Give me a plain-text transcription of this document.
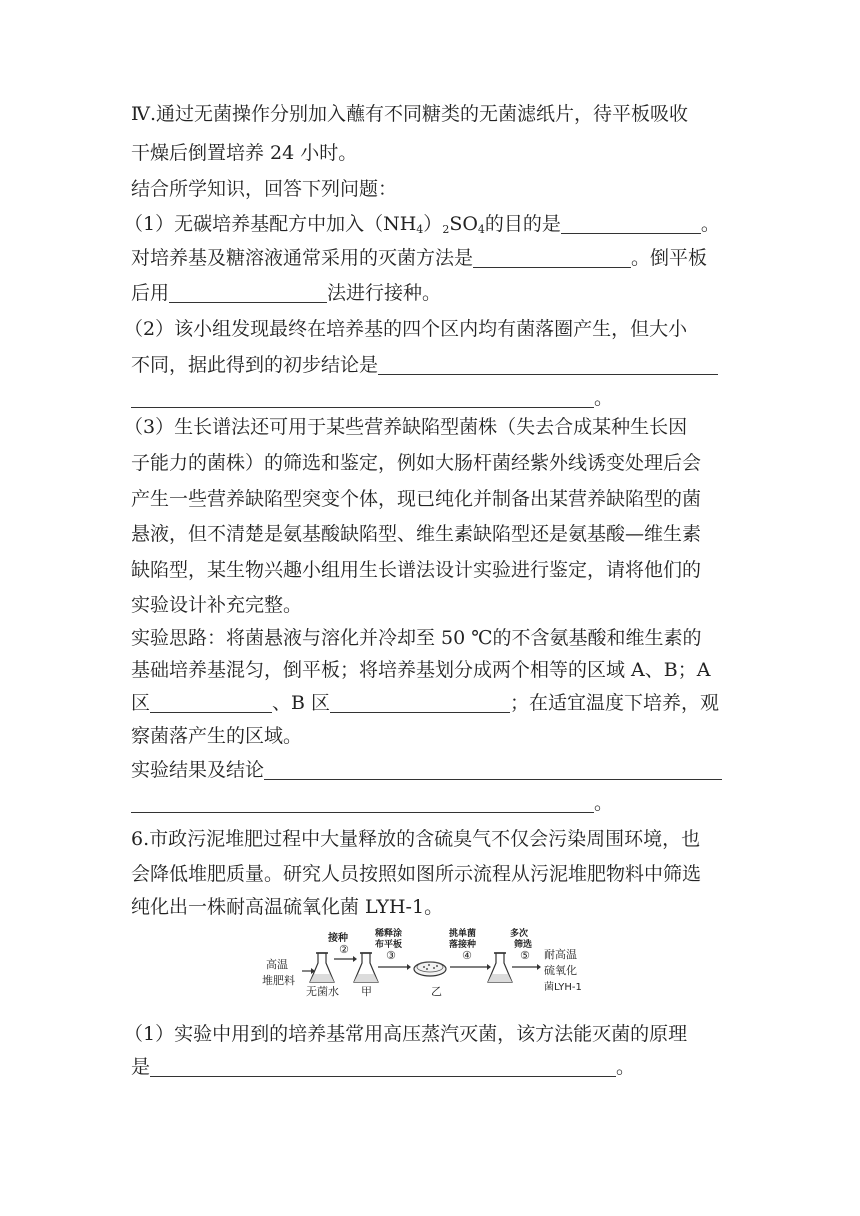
Ⅳ.通过无菌操作分别加入蘸有不同糖类的无菌滤纸片，待平板吸收
干燥后倒置培养 24 小时。
结合所学知识，回答下列问题：
（1）无碳培养基配方中加入$(NH_4)_2SO_4$的目的是	。
对培养基及糖溶液通常采用的灭菌方法是	。倒平板
后用	法进行接种。
（2）该小组发现最终在培养基的四个区内均有菌落圈产生，但大小
不同，据此得到的初步结论是
。
（3）生长谱法还可用于某些营养缺陷型菌株（失去合成某种生长因
子能力的菌株）的筛选和鉴定，例如大肠杆菌经紫外线诱变处理后会
产生一些营养缺陷型突变个体，现已纯化并制备出某营养缺陷型的菌
悬液，但不清楚是氨基酸缺陷型、维生素缺陷型还是氨基酸—维生素
缺陷型，某生物兴趣小组用生长谱法设计实验进行鉴定，请将他们的
实验设计补充完整。
实验思路：将菌悬液与溶化并冷却至 50 ℃的不含氨基酸和维生素的
基础培养基混匀，倒平板；将培养基划分成两个相等的区域 A、B；A
区	、B 区	；在适宜温度下培养，观
察菌落产生的区域。
实验结果及结论
。
6.市政污泥堆肥过程中大量释放的含硫臭气不仅会污染周围环境，也
会降低堆肥质量。研究人员按照如图所示流程从污泥堆肥物料中筛选
纯化出一株耐高温硫氧化菌 LYH-1。
高温
堆肥料
无菌水
接种
②
甲
稀释涂
布平板
③
乙
挑单菌
落接种
④
多次
筛选
⑤ 耐高温
硫氧化
菌LYH-1
（1）实验中用到的培养基常用高压蒸汽灭菌，该方法能灭菌的原理
是	。
